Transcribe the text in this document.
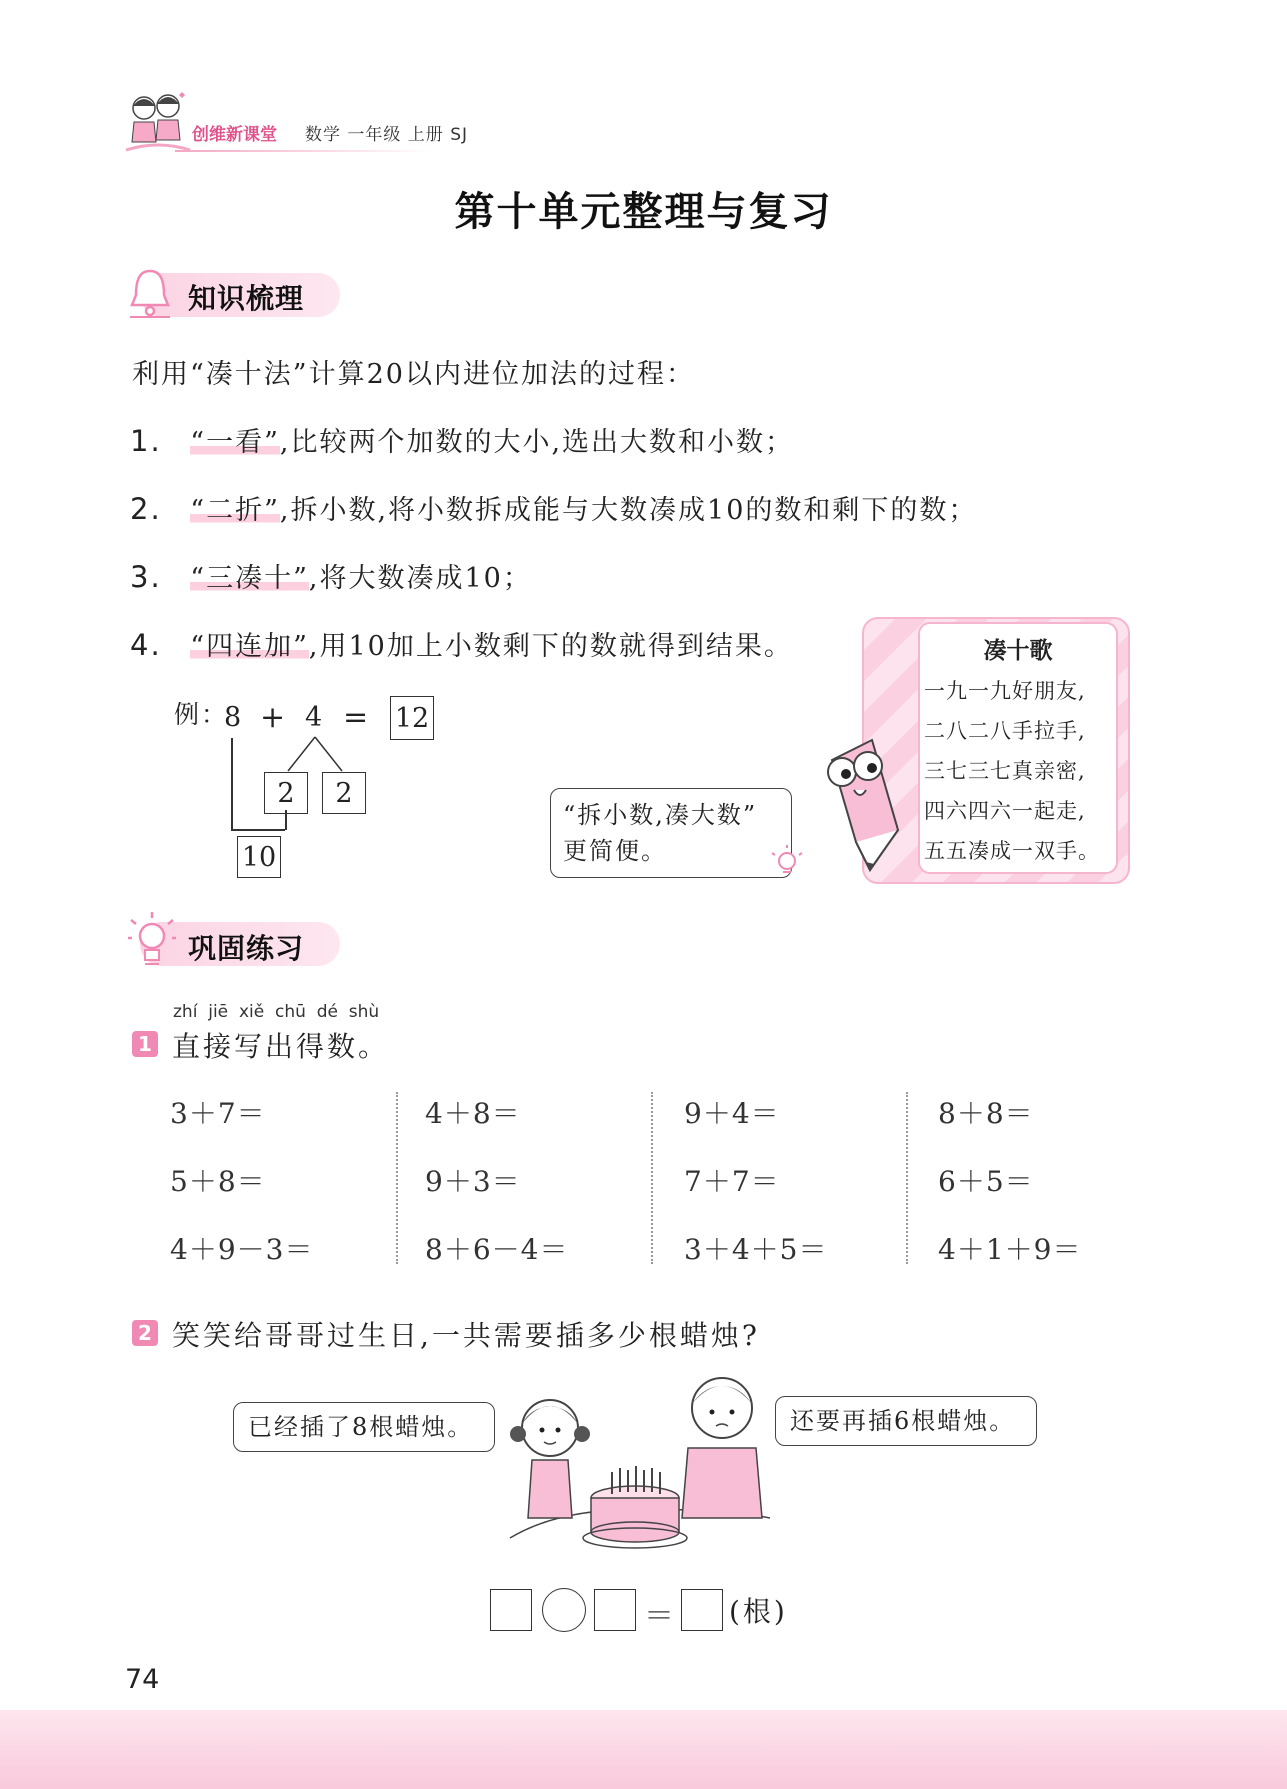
创维新课堂 数学 一年级 上册 SJ
第十单元整理与复习
知识梳理
利用“凑十法”计算20以内进位加法的过程：
1. “一看”,比较两个加数的大小,选出大数和小数；
2. “二折”,拆小数,将小数拆成能与大数凑成10的数和剩下的数；
3. “三凑十”,将大数凑成10；
4. “四连加”,用10加上小数剩下的数就得到结果。
例：
8 + 4 = 12
2	2
10
“拆小数,凑大数”
更简便。
凑十歌
一九一九好朋友,
二八二八手拉手,
三七三七真亲密,
四六四六一起走,
五五凑成一双手。
巩固练习
zhí  jiē  xiě  chū  dé  shù
1 直接写出得数。
3＋7＝
5＋8＝
4＋9－3＝
4＋8＝
9＋3＝
8＋6－4＝
9＋4＝
7＋7＝
3＋4＋5＝
8＋8＝
6＋5＝
4＋1＋9＝
2 笑笑给哥哥过生日,一共需要插多少根蜡烛?
已经插了8根蜡烛。	还要再插6根蜡烛。
＝ (根)
74
